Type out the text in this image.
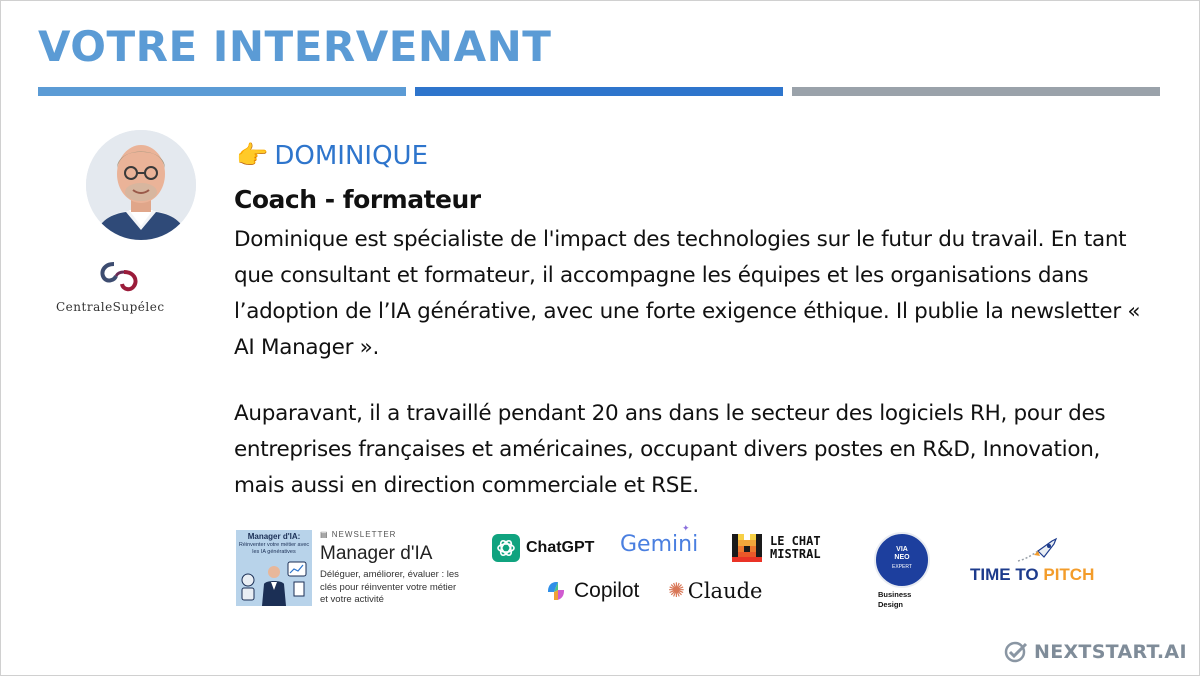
VOTRE INTERVENANT
CentraleSupélec
👉 DOMINIQUE
Coach - formateur
Dominique est spécialiste de l'impact des technologies sur le futur du travail. En tant que consultant et formateur, il accompagne les équipes et les organisations dans l’adoption de l’IA générative, avec une forte exigence éthique. Il publie la newsletter « AI Manager ».
Auparavant, il a travaillé pendant 20 ans dans le secteur des logiciels RH, pour des entreprises françaises et américaines, occupant divers postes en R&D, Innovation, mais aussi en direction commerciale et RSE.
Manager d'IA:
Réinventer votre métier avec les IA génératives
▤ NEWSLETTER
Manager d'IA
Déléguer, améliorer, évaluer : les clés pour réinventer votre métier et votre activité
ChatGPT Gemini
✦
LE CHAT
MISTRAL
Copilot ✺ Claude
VIA
NEO
EXPERT
Business
Design
TIME TO PITCH
NEXTSTART.AI
